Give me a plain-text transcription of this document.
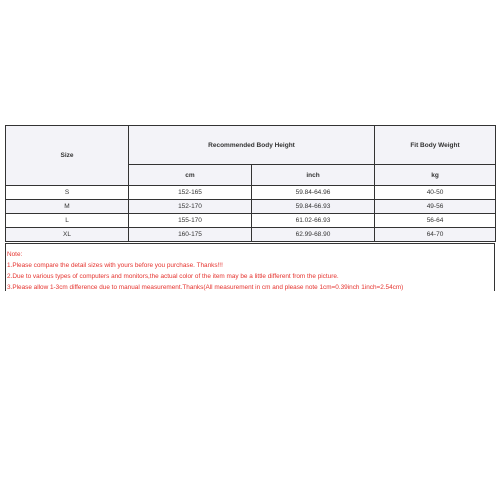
Size	Recommended Body Height		Fit Body Weight
	cm	inch	kg
S	152-165	59.84-64.96	40-50
M	152-170	59.84-66.93	49-56
L	155-170	61.02-66.93	56-64
XL	160-175	62.99-68.90	64-70
Note:
1.Please compare the detail sizes with yours before you purchase. Thanks!!!
2.Due to various types of computers and monitors,the actual color of the item may be a little different from the picture.
3.Please allow 1-3cm difference due to manual measurement.Thanks(All measurement in cm and please note 1cm=0.39inch 1inch=2.54cm)
